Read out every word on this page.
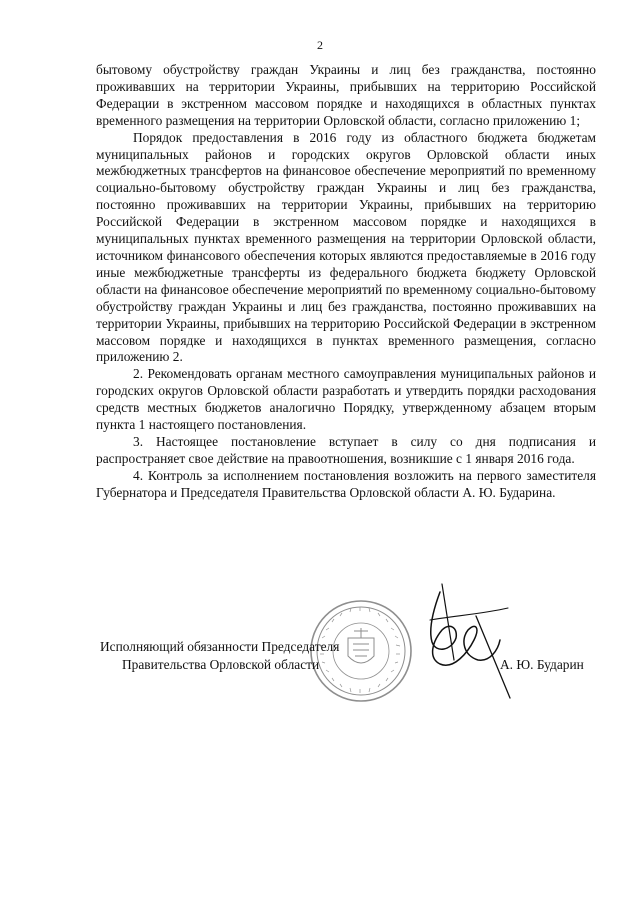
2

бытовому обустройству граждан Украины и лиц без гражданства, постоянно проживавших на территории Украины, прибывших на территорию Российской Федерации в экстренном массовом порядке и находящихся в областных пунктах временного размещения на территории Орловской области, согласно приложению 1;

Порядок предоставления в 2016 году из областного бюджета бюджетам муниципальных районов и городских округов Орловской области иных межбюджетных трансфертов на финансовое обеспечение мероприятий по временному социально-бытовому обустройству граждан Украины и лиц без гражданства, постоянно проживавших на территории Украины, прибывших на территорию Российской Федерации в экстренном массовом порядке и находящихся в муниципальных пунктах временного размещения на территории Орловской области, источником финансового обеспечения которых являются предоставляемые в 2016 году иные межбюджетные трансферты из федерального бюджета бюджету Орловской области на финансовое обеспечение мероприятий по временному социально-бытовому обустройству граждан Украины и лиц без гражданства, постоянно проживавших на территории Украины, прибывших на территорию Российской Федерации в экстренном массовом порядке и находящихся в пунктах временного размещения, согласно приложению 2.

2. Рекомендовать органам местного самоуправления муниципальных районов и городских округов Орловской области разработать и утвердить порядки расходования средств местных бюджетов аналогично Порядку, утвержденному абзацем вторым пункта 1 настоящего постановления.

3. Настоящее постановление вступает в силу со дня подписания и распространяет свое действие на правоотношения, возникшие с 1 января 2016 года.

4. Контроль за исполнением постановления возложить на первого заместителя Губернатора и Председателя Правительства Орловской области А. Ю. Бударина.

Исполняющий обязанности Председателя
Правительства Орловской области	А. Ю. Бударин
